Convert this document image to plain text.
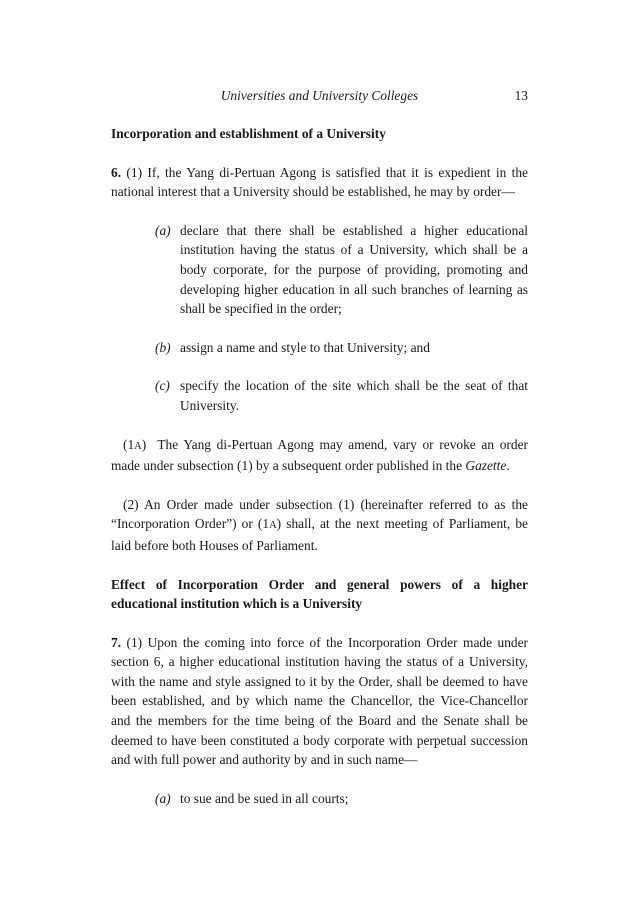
Universities and University Colleges	13
Incorporation and establishment of a University

6. (1) If, the Yang di-Pertuan Agong is satisfied that it is expedient in the national interest that a University should be established, he may by order—

(a) declare that there shall be established a higher educational institution having the status of a University, which shall be a body corporate, for the purpose of providing, promoting and developing higher education in all such branches of learning as shall be specified in the order;
(b) assign a name and style to that University; and
(c) specify the location of the site which shall be the seat of that University.

(1A)  The Yang di-Pertuan Agong may amend, vary or revoke an order made under subsection (1) by a subsequent order published in the Gazette.

(2) An Order made under subsection (1) (hereinafter referred to as the “Incorporation Order”) or (1A) shall, at the next meeting of Parliament, be laid before both Houses of Parliament.

Effect of Incorporation Order and general powers of a higher educational institution which is a University

7. (1) Upon the coming into force of the Incorporation Order made under section 6, a higher educational institution having the status of a University, with the name and style assigned to it by the Order, shall be deemed to have been established, and by which name the Chancellor, the Vice-Chancellor and the members for the time being of the Board and the Senate shall be deemed to have been constituted a body corporate with perpetual succession and with full power and authority by and in such name—

(a) to sue and be sued in all courts;
